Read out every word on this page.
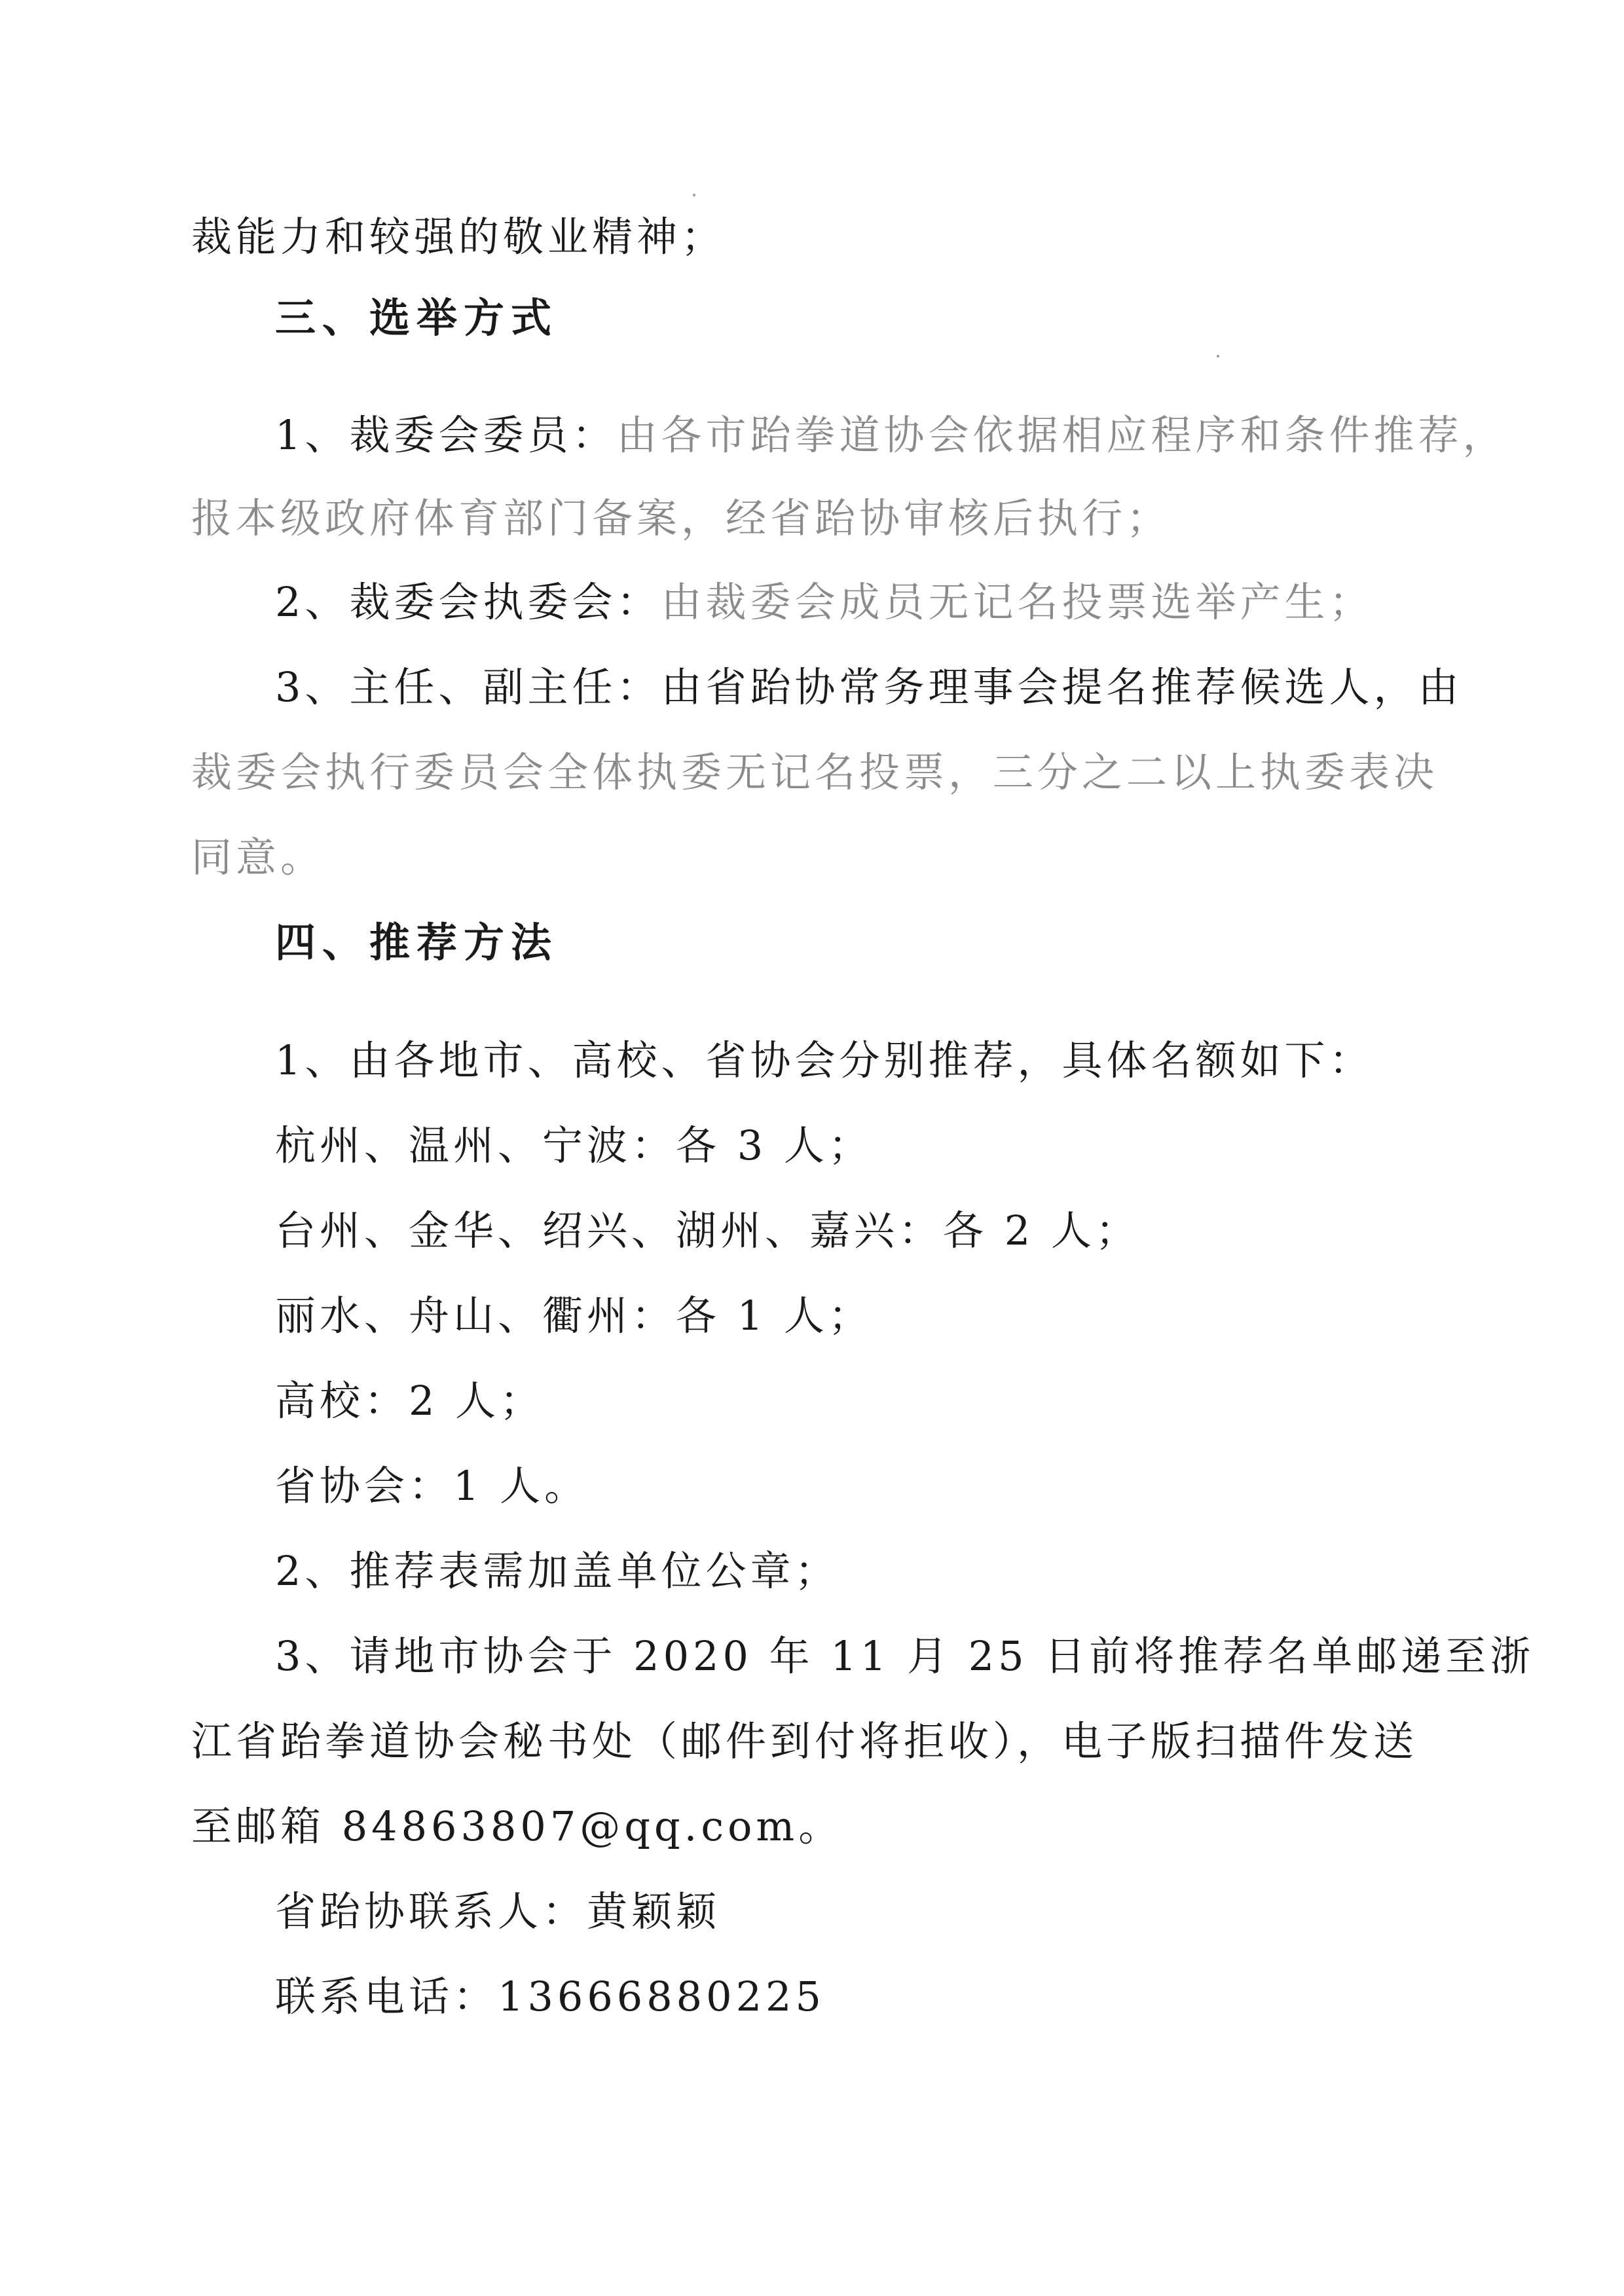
裁能力和较强的敬业精神；
三、选举方式
1、裁委会委员：由各市跆拳道协会依据相应程序和条件推荐，
报本级政府体育部门备案，经省跆协审核后执行；
2、裁委会执委会：由裁委会成员无记名投票选举产生；
3、主任、副主任：由省跆协常务理事会提名推荐候选人，由
裁委会执行委员会全体执委无记名投票，三分之二以上执委表决
同意。
四、推荐方法
1、由各地市、高校、省协会分别推荐，具体名额如下：
杭州、温州、宁波：各 3 人；
台州、金华、绍兴、湖州、嘉兴：各 2 人；
丽水、舟山、衢州：各 1 人；
高校：2 人；
省协会：1 人。
2、推荐表需加盖单位公章；
3、请地市协会于 2020 年 11 月 25 日前将推荐名单邮递至浙
江省跆拳道协会秘书处（邮件到付将拒收），电子版扫描件发送
至邮箱 84863807@qq.com。
省跆协联系人：黄颖颖
联系电话：13666880225
